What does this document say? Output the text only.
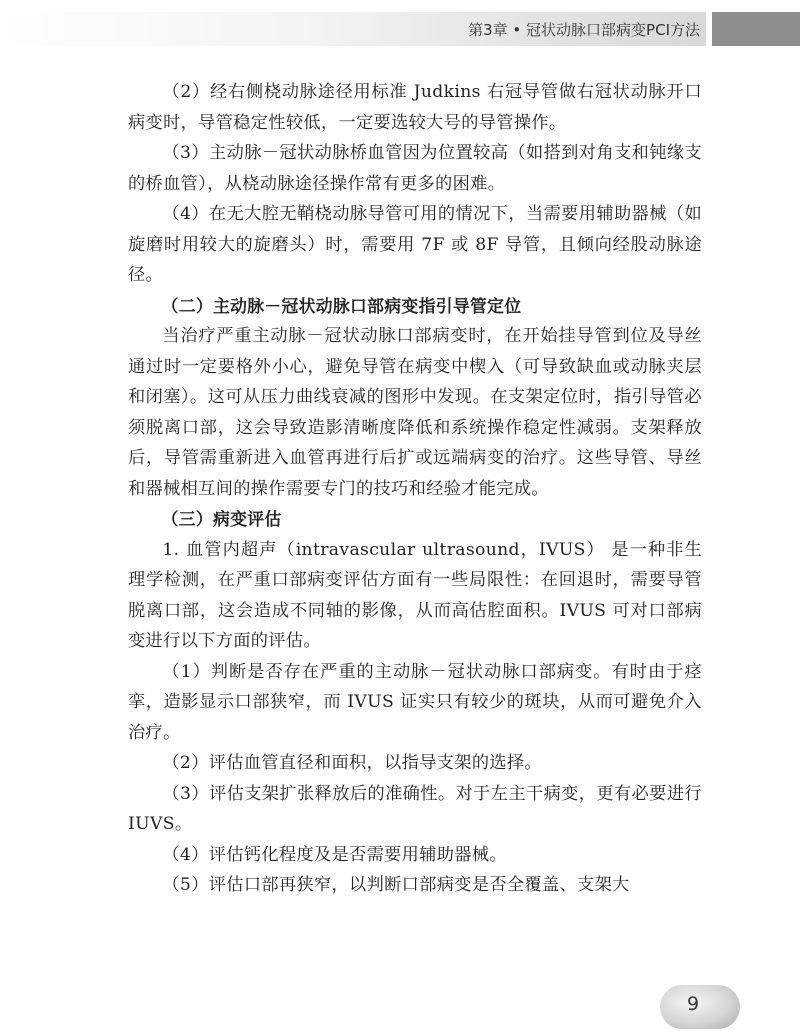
第3章 • 冠状动脉口部病变PCI方法

（2）经右侧桡动脉途径用标准 Judkins 右冠导管做右冠状动脉开口病变时，导管稳定性较低，一定要选较大号的导管操作。

（3）主动脉－冠状动脉桥血管因为位置较高（如搭到对角支和钝缘支的桥血管），从桡动脉途径操作常有更多的困难。

（4）在无大腔无鞘桡动脉导管可用的情况下，当需要用辅助器械（如旋磨时用较大的旋磨头）时，需要用 7F 或 8F 导管，且倾向经股动脉途径。

（二）主动脉－冠状动脉口部病变指引导管定位

当治疗严重主动脉－冠状动脉口部病变时，在开始挂导管到位及导丝通过时一定要格外小心，避免导管在病变中楔入（可导致缺血或动脉夹层和闭塞）。这可从压力曲线衰减的图形中发现。在支架定位时，指引导管必须脱离口部，这会导致造影清晰度降低和系统操作稳定性减弱。支架释放后，导管需重新进入血管再进行后扩或远端病变的治疗。这些导管、导丝和器械相互间的操作需要专门的技巧和经验才能完成。

（三）病变评估

1. 血管内超声（intravascular ultrasound，IVUS） 是一种非生理学检测，在严重口部病变评估方面有一些局限性：在回退时，需要导管脱离口部，这会造成不同轴的影像，从而高估腔面积。IVUS 可对口部病变进行以下方面的评估。

（1）判断是否存在严重的主动脉－冠状动脉口部病变。有时由于痉挛，造影显示口部狭窄，而 IVUS 证实只有较少的斑块，从而可避免介入治疗。

（2）评估血管直径和面积，以指导支架的选择。

（3）评估支架扩张释放后的准确性。对于左主干病变，更有必要进行 IUVS。

（4）评估钙化程度及是否需要用辅助器械。

（5）评估口部再狭窄，以判断口部病变是否全覆盖、支架大

9
